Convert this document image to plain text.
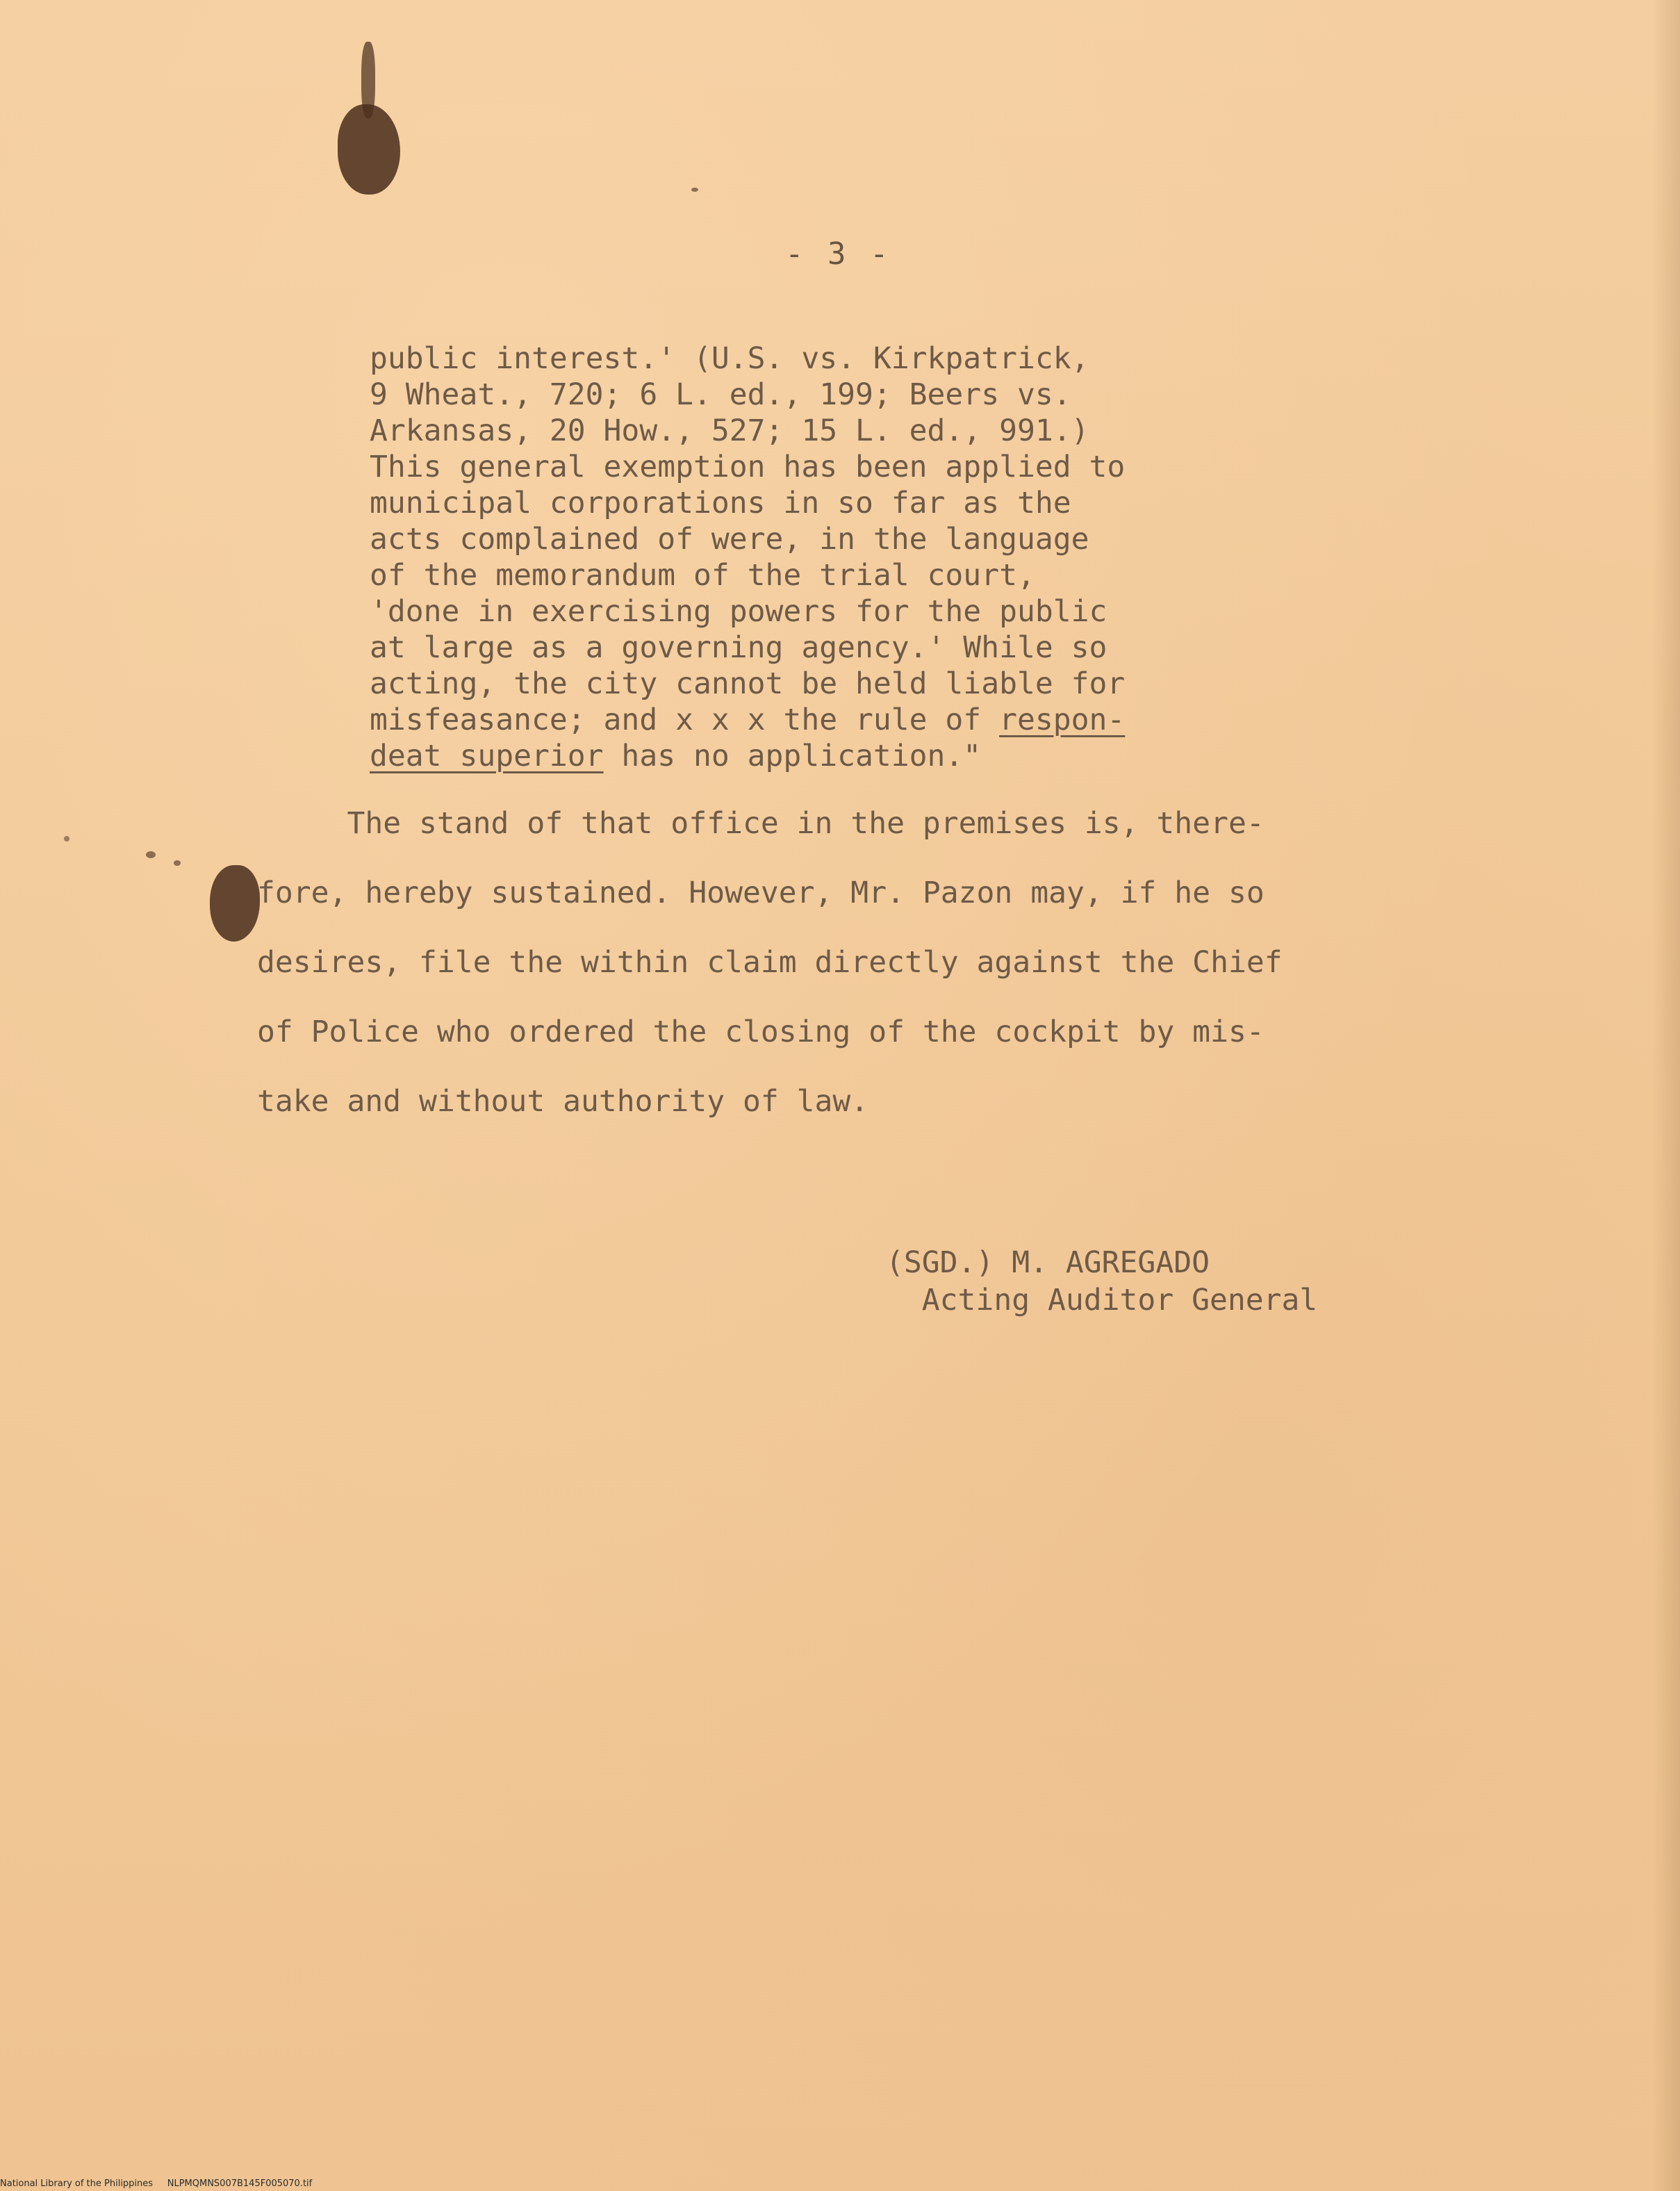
- 3 -
public interest.' (U.S. vs. Kirkpatrick,
9 Wheat., 720; 6 L. ed., 199; Beers vs.
Arkansas, 20 How., 527; 15 L. ed., 991.)
This general exemption has been applied to
municipal corporations in so far as the
acts complained of were, in the language
of the memorandum of the trial court,
'done in exercising powers for the public
at large as a governing agency.' While so
acting, the city cannot be held liable for
misfeasance; and x x x the rule of respon-
deat superior has no application."
The stand of that office in the premises is, there-
fore, hereby sustained. However, Mr. Pazon may, if he so
desires, file the within claim directly against the Chief
of Police who ordered the closing of the cockpit by mis-
take and without authority of law.
(SGD.) M. AGREGADO
Acting Auditor General
National Library of the Philippines NLPMQMNS007B145F005070.tif
